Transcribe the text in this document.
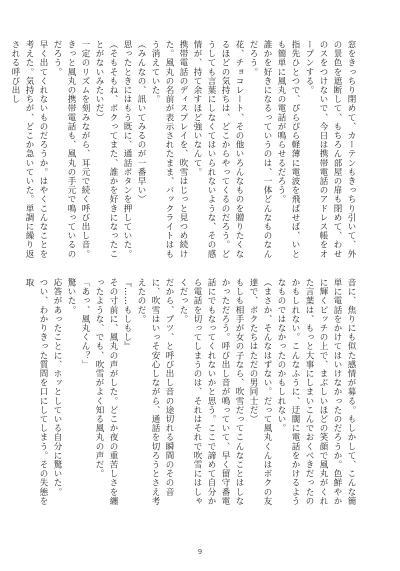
窓をきっちり閉めて、カーテンもきっちり引いて、外の景色を遮断して、もちろん部屋の扉も閉めて、わせのスをつけないで、今日は携帯電話のアドレス帳をオープンする。

指先ひとつで、ぴらぴら軽薄に電波を飛ばせば、いとも簡単に風丸の電話が鳴らせるだろう。

誰かを好きになるっていうのは、一体どんなものなんだろう。

花、チョコレート、その他いろんなものを贈りたくなるほどの気持ちは、どこからやってくるのだろう。どうしても言葉にしなくてはいられないような、その感情が、持て余すほど強いなんて。

携帯電話のディスプレイを、吹雪はじっと見つめ続けた。風丸の名前が表示されたまま、バックライトはもう消えていた。

（みんなの、訊いてみるのが一番早い）

思ったときにはもう既に、通話ボタンを押していた。

（そもそもね、ボクってまた、誰かを好きになったことがないみたいだ）

一定のリズムを刻みながら、耳元で続く呼び出し音。

きっと風丸の携帯電話も、風丸の手元で鳴っているのだろう。

早く出てくれないものだろうか。はやくこんなことを考えた。気持ちが、どこか急いていた。単調に繰り返される呼び出し

音に、焦りにも似た感情が募る。もしかして、こんな簡単に電話をかけてはいけなかったのだろうか。色鮮やかに輝くピッチの上で、まぶしいほどの笑顔で風丸がくれた言葉は、もっと大事にしまいこんでおくべきだったのかもしれない。こんなふうに、迂闊に電話をかけるようなものではなかったのかもしれない。

（まさか、そんなはずない。だって風丸くんはボクの友達で、ボクたちはただの男同士だ）

もしも相手が女の子なら、吹雪だってこんなことはしなかっただろう。呼び出し音が鳴っていて、早く留守番電話にでもなってくれないかと思う。ここで諦めて自分から電話を切ってしまうのは、それはそれで吹雪にはしゃくだった。

だから、ブツ、と呼び出し音の途切れる瞬間のその音に、吹雪はいっそ安心しながら、通話を切ろうとさえ考えたのだ。

『……もしもし』

その寸前に、風丸の声がした。どこか夜の重苦しさを纏ったような、でも、吹雪がよく知る風丸の声だ。

「あっ、風丸くん？」

驚いた。

応答があったことに、ホッとしている自分に驚いた。

つい、わかりきった質問を口にしてしまう。その失態を取

9
